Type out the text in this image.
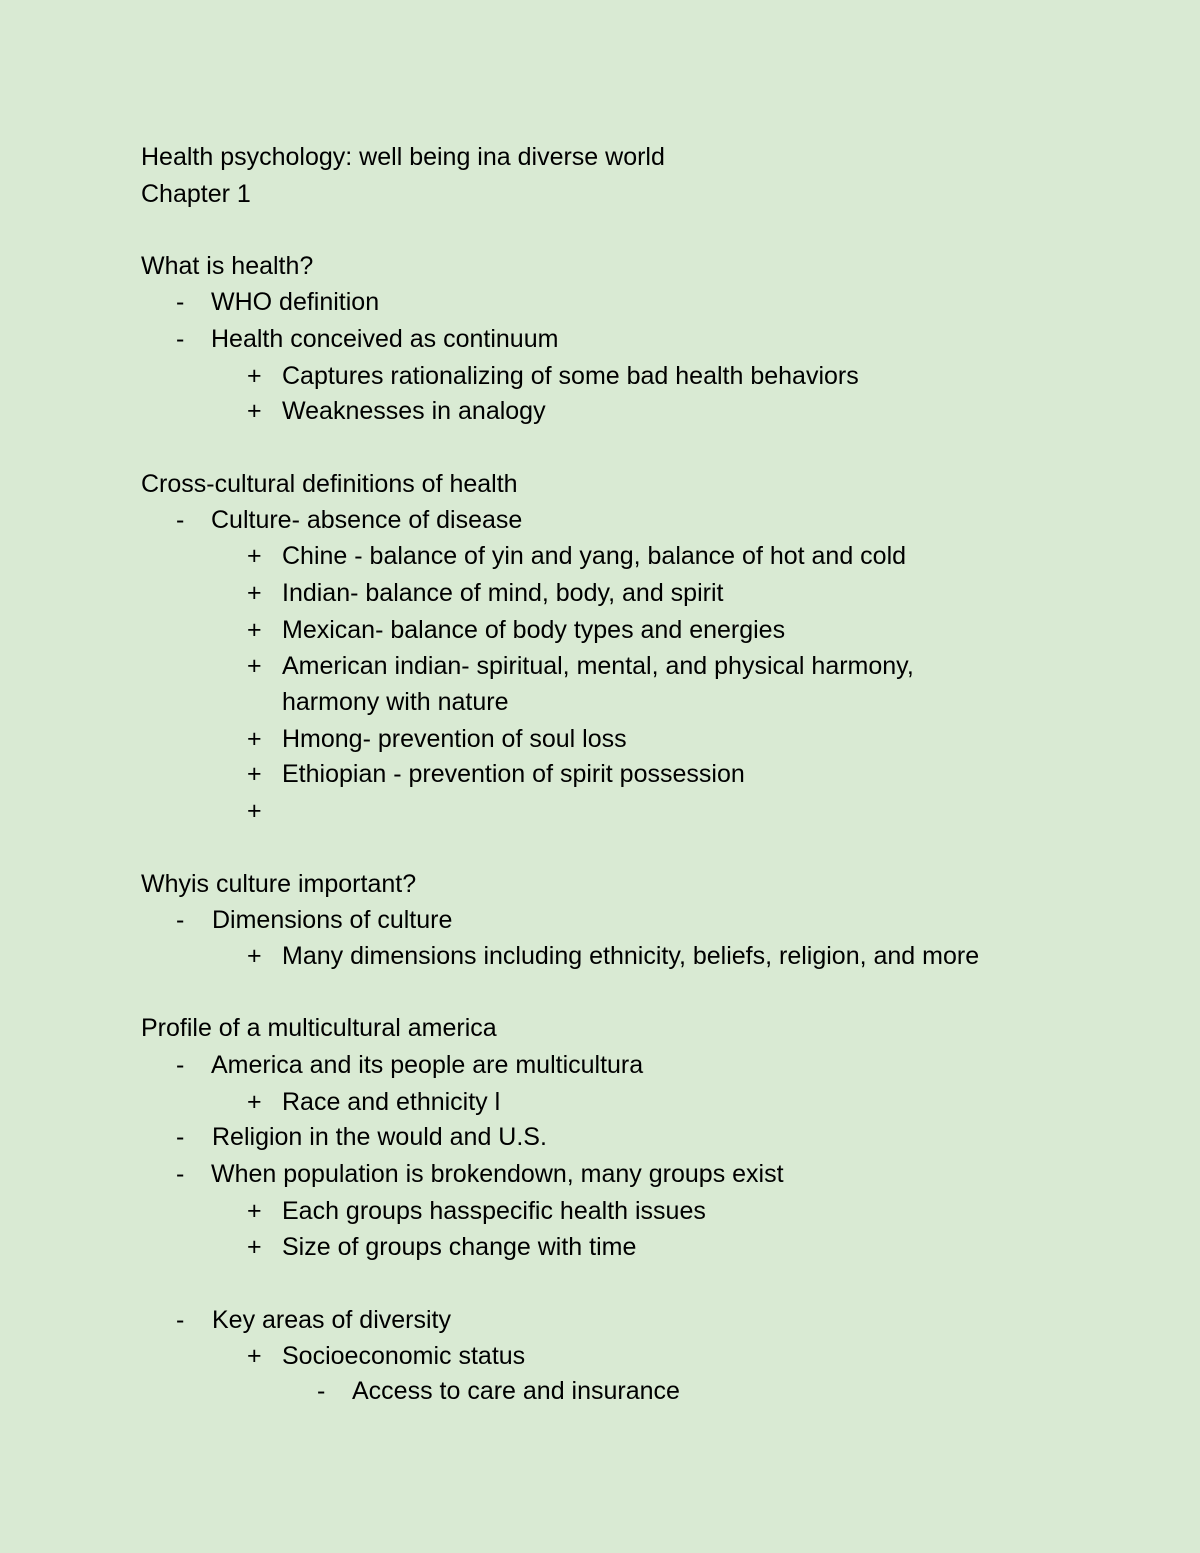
Health psychology: well being ina diverse world
Chapter 1
What is health?
- WHO definition
- Health conceived as continuum
+ Captures rationalizing of some bad health behaviors
+ Weaknesses in analogy
Cross-cultural definitions of health
- Culture- absence of disease
+ Chine - balance of yin and yang, balance of hot and cold
+ Indian- balance of mind, body, and spirit
+ Mexican- balance of body types and energies
+ American indian- spiritual, mental, and physical harmony,
harmony with nature
+ Hmong- prevention of soul loss
+ Ethiopian - prevention of spirit possession
+
Whyis culture important?
- Dimensions of culture
+ Many dimensions including ethnicity, beliefs, religion, and more
Profile of a multicultural america
- America and its people are multicultura
+ Race and ethnicity l
- Religion in the would and U.S.
- When population is brokendown, many groups exist
+ Each groups hasspecific health issues
+ Size of groups change with time
- Key areas of diversity
+ Socioeconomic status
- Access to care and insurance
